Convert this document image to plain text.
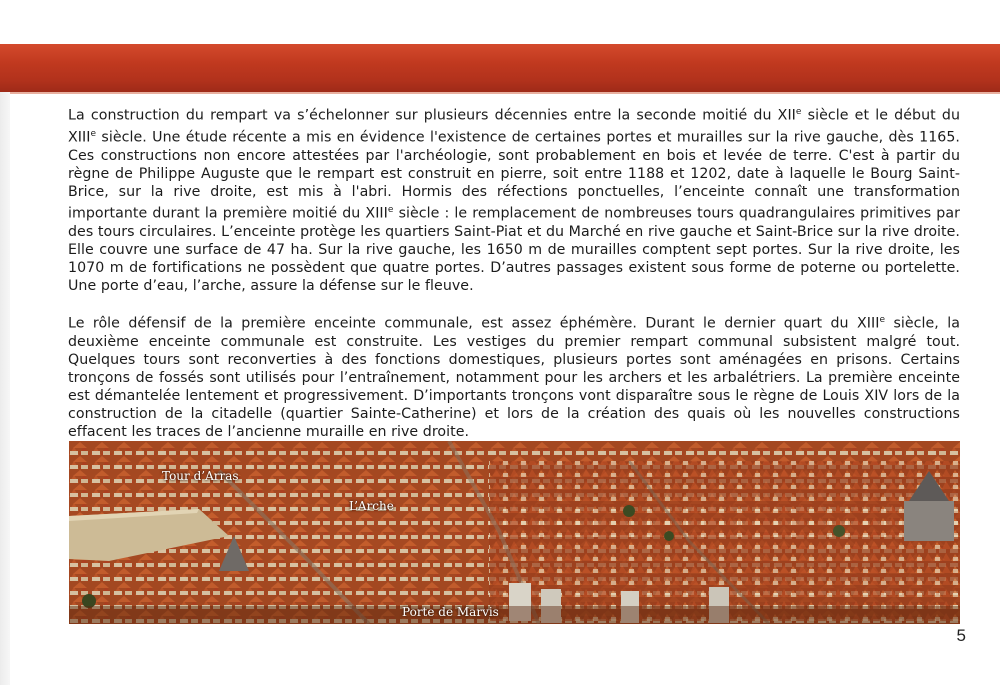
La construction du rempart va s’échelonner sur plusieurs décennies entre la seconde moitié du XIIe siècle et le début du XIIIe siècle. Une étude récente a mis en évidence l'existence de certaines portes et murailles sur la rive gauche, dès 1165. Ces constructions non encore attestées par l'archéologie, sont probablement en bois et levée de terre. C'est à partir du règne de Philippe Auguste que le rempart est construit en pierre, soit entre 1188 et 1202, date à laquelle le Bourg Saint-Brice, sur la rive droite, est mis à l'abri. Hormis des réfections ponctuelles, l’enceinte connaît une transformation importante durant la première moitié du XIIIe siècle : le remplacement de nombreuses tours quadrangulaires primitives par des tours circulaires. L’enceinte protège les quartiers Saint-Piat et du Marché en rive gauche et Saint-Brice sur la rive droite. Elle couvre une surface de 47 ha. Sur la rive gauche, les 1650 m de murailles comptent sept portes. Sur la rive droite, les 1070 m de fortifications ne possèdent que quatre portes. D’autres passages existent sous forme de poterne ou portelette. Une porte d’eau, l’arche, assure la défense sur le fleuve.

Le rôle défensif de la première enceinte communale, est assez éphémère. Durant le dernier quart du XIIIe siècle, la deuxième enceinte communale est construite. Les vestiges du premier rempart communal subsistent malgré tout. Quelques tours sont reconverties à des fonctions domestiques, plusieurs portes sont aménagées en prisons. Certains tronçons de fossés sont utilisés pour l’entraînement, notamment pour les archers et les arbalétriers. La première enceinte est démantelée lentement et progressivement. D’importants tronçons vont disparaître sous le règne de Louis XIV lors de la construction de la citadelle (quartier Sainte-Catherine) et lors de la création des quais où les nouvelles constructions effacent les traces de l’ancienne muraille en rive droite.

Tour d’Arras
L’Arche
Porte de Marvis
5
